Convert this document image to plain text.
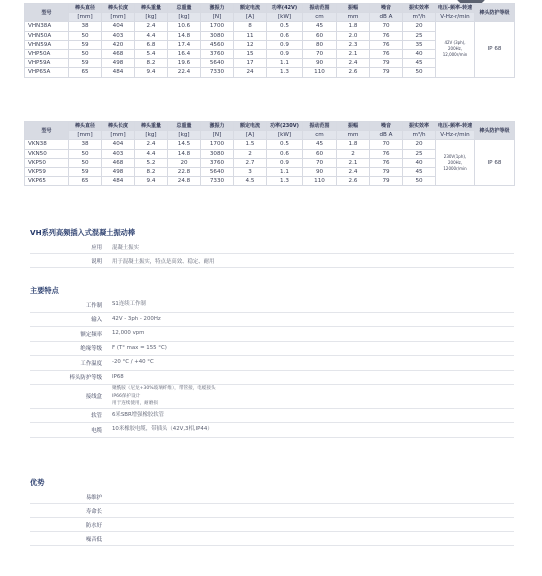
型号	棒头直径	棒头长度	棒头重量	总重量	激振力	额定电流	功率(42V)	振动范围	振幅	噪音	振实效率	电压-频率-转速	棒头防护等级
	[mm]	[mm]	[kg]	[kg]	[N]	[A]	[kW]	cm	mm	dB A	m³/h	V-Hz-r/min	
VHN38A	38	404	2.4	10.6	1700	8	0.5	45	1.8	70	20	42V (3ph),
200Hz,
12,000r/min	IP 68
VHN50A	50	403	4.4	14.8	3080	11	0.6	60	2.0	76	25		
VHN59A	59	420	6.8	17.4	4560	12	0.9	80	2.3	76	35		
VHP50A	50	468	5.4	16.4	3760	15	0.9	70	2.1	76	40		
VHP59A	59	498	8.2	19.6	5640	17	1.1	90	2.4	79	45		
VHP65A	65	484	9.4	22.4	7330	24	1.3	110	2.6	79	50		
型号	棒头直径	棒头长度	棒头重量	总重量	激振力	额定电流	功率(230V)	振动范围	振幅	噪音	振实效率	电压-频率-转速	棒头防护等级
	[mm]	[mm]	[kg]	[kg]	[N]	[A]	[kW]	cm	mm	dB A	m³/h	V-Hz-r/min	
VKN38	38	404	2.4	14.5	1700	1.5	0.5	45	1.8	70	20	230V(1ph),
200Hz,
12000r/min	IP 68
VKN50	50	403	4.4	14.8	3080	2	0.6	60	2	76	25		
VKP50	50	468	5.2	20	3760	2.7	0.9	70	2.1	76	40		
VKP59	59	498	8.2	22.8	5640	3	1.1	90	2.4	79	45		
VKP65	65	484	9.4	24.8	7330	4.5	1.3	110	2.6	79	50		
VH系列高频插入式混凝土振动棒
应用	混凝土振实
说明	用于混凝土振实，特点是高效、稳定、耐用
主要特点
工作制	S1连续工作制
输入	42V - 3ph - 200Hz
额定频率	12,000 vpm
绝缘等级	F (T° max = 155 °C)
工作温度	-20 °C / +40 °C
棒头防护等级	IP68
接线盒
聚酰胺（尼龙+30%玻璃纤维），带管接，电缆接头
IP66保护设计
用于连续使用，耐磨损
软管	6米SBR增强橡胶软管
电缆	10米橡胶电缆，带插头（42V,3相,IP44）
优势
易维护
寿命长
防水好
噪音低
